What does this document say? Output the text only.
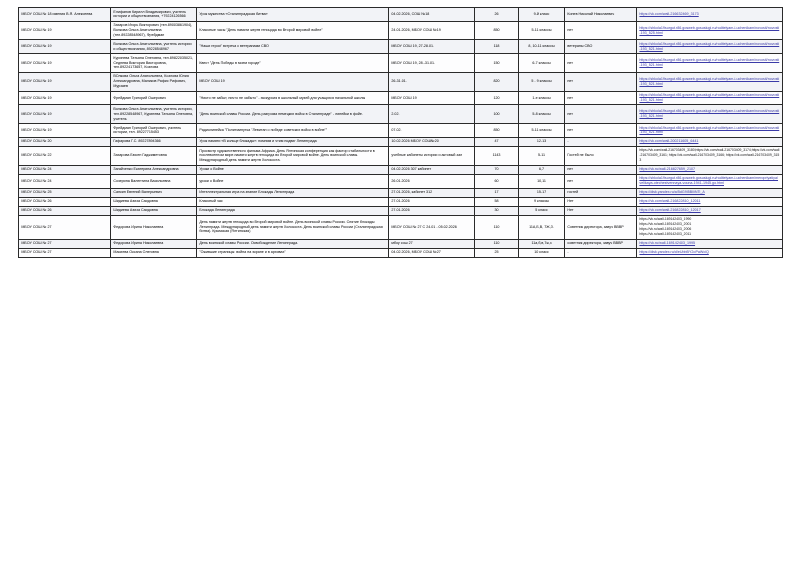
МБОУ СОШ № 18 имения В.Я. Алексеева	Елифанов Кирилл Владимирович, учитель истории и обществознания, +79224126566	Урок мужества «Сталинградская битва»	04.02.2026, СОШ №18	26	9-й класс	Конев Николай Николаевич	https://vk.com/wall-216632469_3173

МБОУ СОШ № 19	Захаров Игорь Викторович (тел.89003861904), Волкова Ольга Анатольевна (тел.89228548967), Фрейдман	Классные часы "День памяти жертв геноцида во Второй мировой войне"	24.01.2026, МБОУ СОШ №19	850	5-11 классы	нет	https://shkola19surgut.r86.gosweb.gosuslugi.ru/roditelyam-i-uchenikam/novosti/novosti-193_525.html

МБОУ СОШ № 19	Волкова Ольга Анатольевна, учитель истории и обществознания, 89228548967	"Наши герои" встреча с ветеранами СВО	МБОУ СОШ 19, 27-28.01.	118	8, 10-11 классы	ветераны СВО	https://shkola19surgut.r86.gosweb.gosuslugi.ru/roditelyam-i-uchenikam/novosti/novosti-193_521.html

МБОУ СОШ № 19	Куринева Татьяна Олеговна, тел.89822035021, Седнева Виктория Викторовна, тел.89224173657, Козлова	Квест "День Победы в моем городе"	МБОУ СОШ 19, 28.-31.01.	150	6-7 классы	нет	https://shkola19surgut.r86.gosweb.gosuslugi.ru/roditelyam-i-uchenikam/novosti/novosti-193_521.html

МБОУ СОШ № 19	ВОлкова Ольга Анатольевна, Козлова Юлия Александровна, Маликов Рафис Рифович, Мурзаев	МБОУ СОШ 19	26-31.01.	820	5 - 9 классы	нет	https://shkola19surgut.r86.gosweb.gosuslugi.ru/roditelyam-i-uchenikam/novosti/novosti-193_521.html

МБОУ СОШ № 19	Фрейдман Григорий Ошерович	"Никто не забыт, ничто не забыто" - экскурсия в школьный музей для учащихся начальной школы	МБОУ СОШ 19	120	1-е классы	нет	https://shkola19surgut.r86.gosweb.gosuslugi.ru/roditelyam-i-uchenikam/novosti/novosti-193_521.html

МБОУ СОШ № 19	Волкова Ольга Анатольевна, учитель истории, тел.89228548967, Куринева Татьяна Олеговна, учитель	"День воинской славы России. День разгрома немецких войск в Сталинграде" - линейки в фойе.	2.02.	100	5-8 классы	нет	https://shkola19surgut.r86.gosweb.gosuslugi.ru/roditelyam-i-uchenikam/novosti/novosti-193_521.html

МБОУ СОШ № 19	Фрейдман Григорий Ошерович, учитель истории, тел. 89227715453	Радиолинейка "Политминутка "Левитан о победе советских войск в войне""	07.02.	850	5-11 классы	нет	https://shkola19surgut.r86.gosweb.gosuslugi.ru/roditelyam-i-uchenikam/novosti/novosti-193_521.html

МБОУ СОШ № 20	Гафарова Г.С. 89227894366	Урок памяти «В кольце блокады»: помним и чтим подвиг Ленинграда	10.02.2026 МБОУ СОШ№20	47	12-13	-	https://vk.com/wall-200211605_6441

МБОУ СОШ № 22	Захарова Бюсен Гаджиметовна	Просмотр художественного фильма Африка. День Ялтинская конференция как фактор стабильности в послевоенном мире.памяти жертв геноцида во Второй мировой войне. День воинской славы. Международный день памяти жертв Холокоста.	учебные кабинеты истории и актовый зал	1143	5-11	Гостей не было	https://vk.com/wall-216703409_3180;https://vk.com/wall-216703409_3174;https://vk.com/wall-216703409_3161; https://vk.com/wall-216703409_3166; https://vk.com/wall-216703409_3153

МБОУ СОШ № 24	Загайченко Екатерина Александровна	Уроки о Войне	04.02.2026 307 кабинет	70	6,7	нет	https://vk.ru/wall-216827659_2107

МБОУ СОШ № 24	Созерина Валентина Васильевна	уроки о Войне	26.01.2026	60	10,11	нет	https://shkola19surgut.r86.gosweb.gosuslugi.ru/roditelyam-i-uchenikam/meropriyatiya/velikaya-otechestvennaya-vouna-1941-1945.go.html

МБОУ СОШ № 25	Санкин Евгений Валерьевич	Интеллектуальная игра на знание Блокады Ленинграда	27.01.2026, кабинет 312	17	15-17	гостей	https://disk.yandex.ru/a/5dG9I5BIliNTi_A

МБОУ СОШ № 26	Шидиева Аэиза Саидовна	Классный час	27.01.2026	58	9 классы	Нет	https://vk.com/wall-216822810_12011

МБОУ СОШ № 26	Шидиева Аэиза Саидовна	Блокада Ленинграда	27.01.2026	30	5 класс	Нет	https://vk.com/wall-216822810_12017

МБОУ СОШ № 27	Федорова Ирина Николаевна	День памяти жертв геноцида во Второй мировой войне. День воинской славы России. Снятие блокады Ленинграда. Международный день памяти жертв Холокоста. День воинской славы России (Сталинградская битва). Крымская (Ялтинская)	МБОУ СОШ № 27 С 24.01 - 05.02.2026	110	11А,Б,В, 7Ж,З.	Советник директора, завуч ВВВР	
https://vk.ru/wall-169142403_1990
https://vk.ru/wall-169142403_2001
https://vk.ru/wall-169142403_2006
https://vk.ru/wall-169142403_2011

МБОУ СОШ № 27	Федорова Ирина Николаевна	День воинской славы России. Освобождение Ленинграда.	мбоу сош 27	110	11а,б,в,7ж,з	советник директора, завуч ВВВР	https://vk.ru/wall-169142403_1995

МБОУ СОШ № 27	Масиева Оксана Олеговна	"Ожившие страницы: война на экране и в архивах"	04.02.2026, МБОУ СОШ №27	25	10 класс	-	https://disk.yandex.ru/d/eUbbBY2oPaWciQ
